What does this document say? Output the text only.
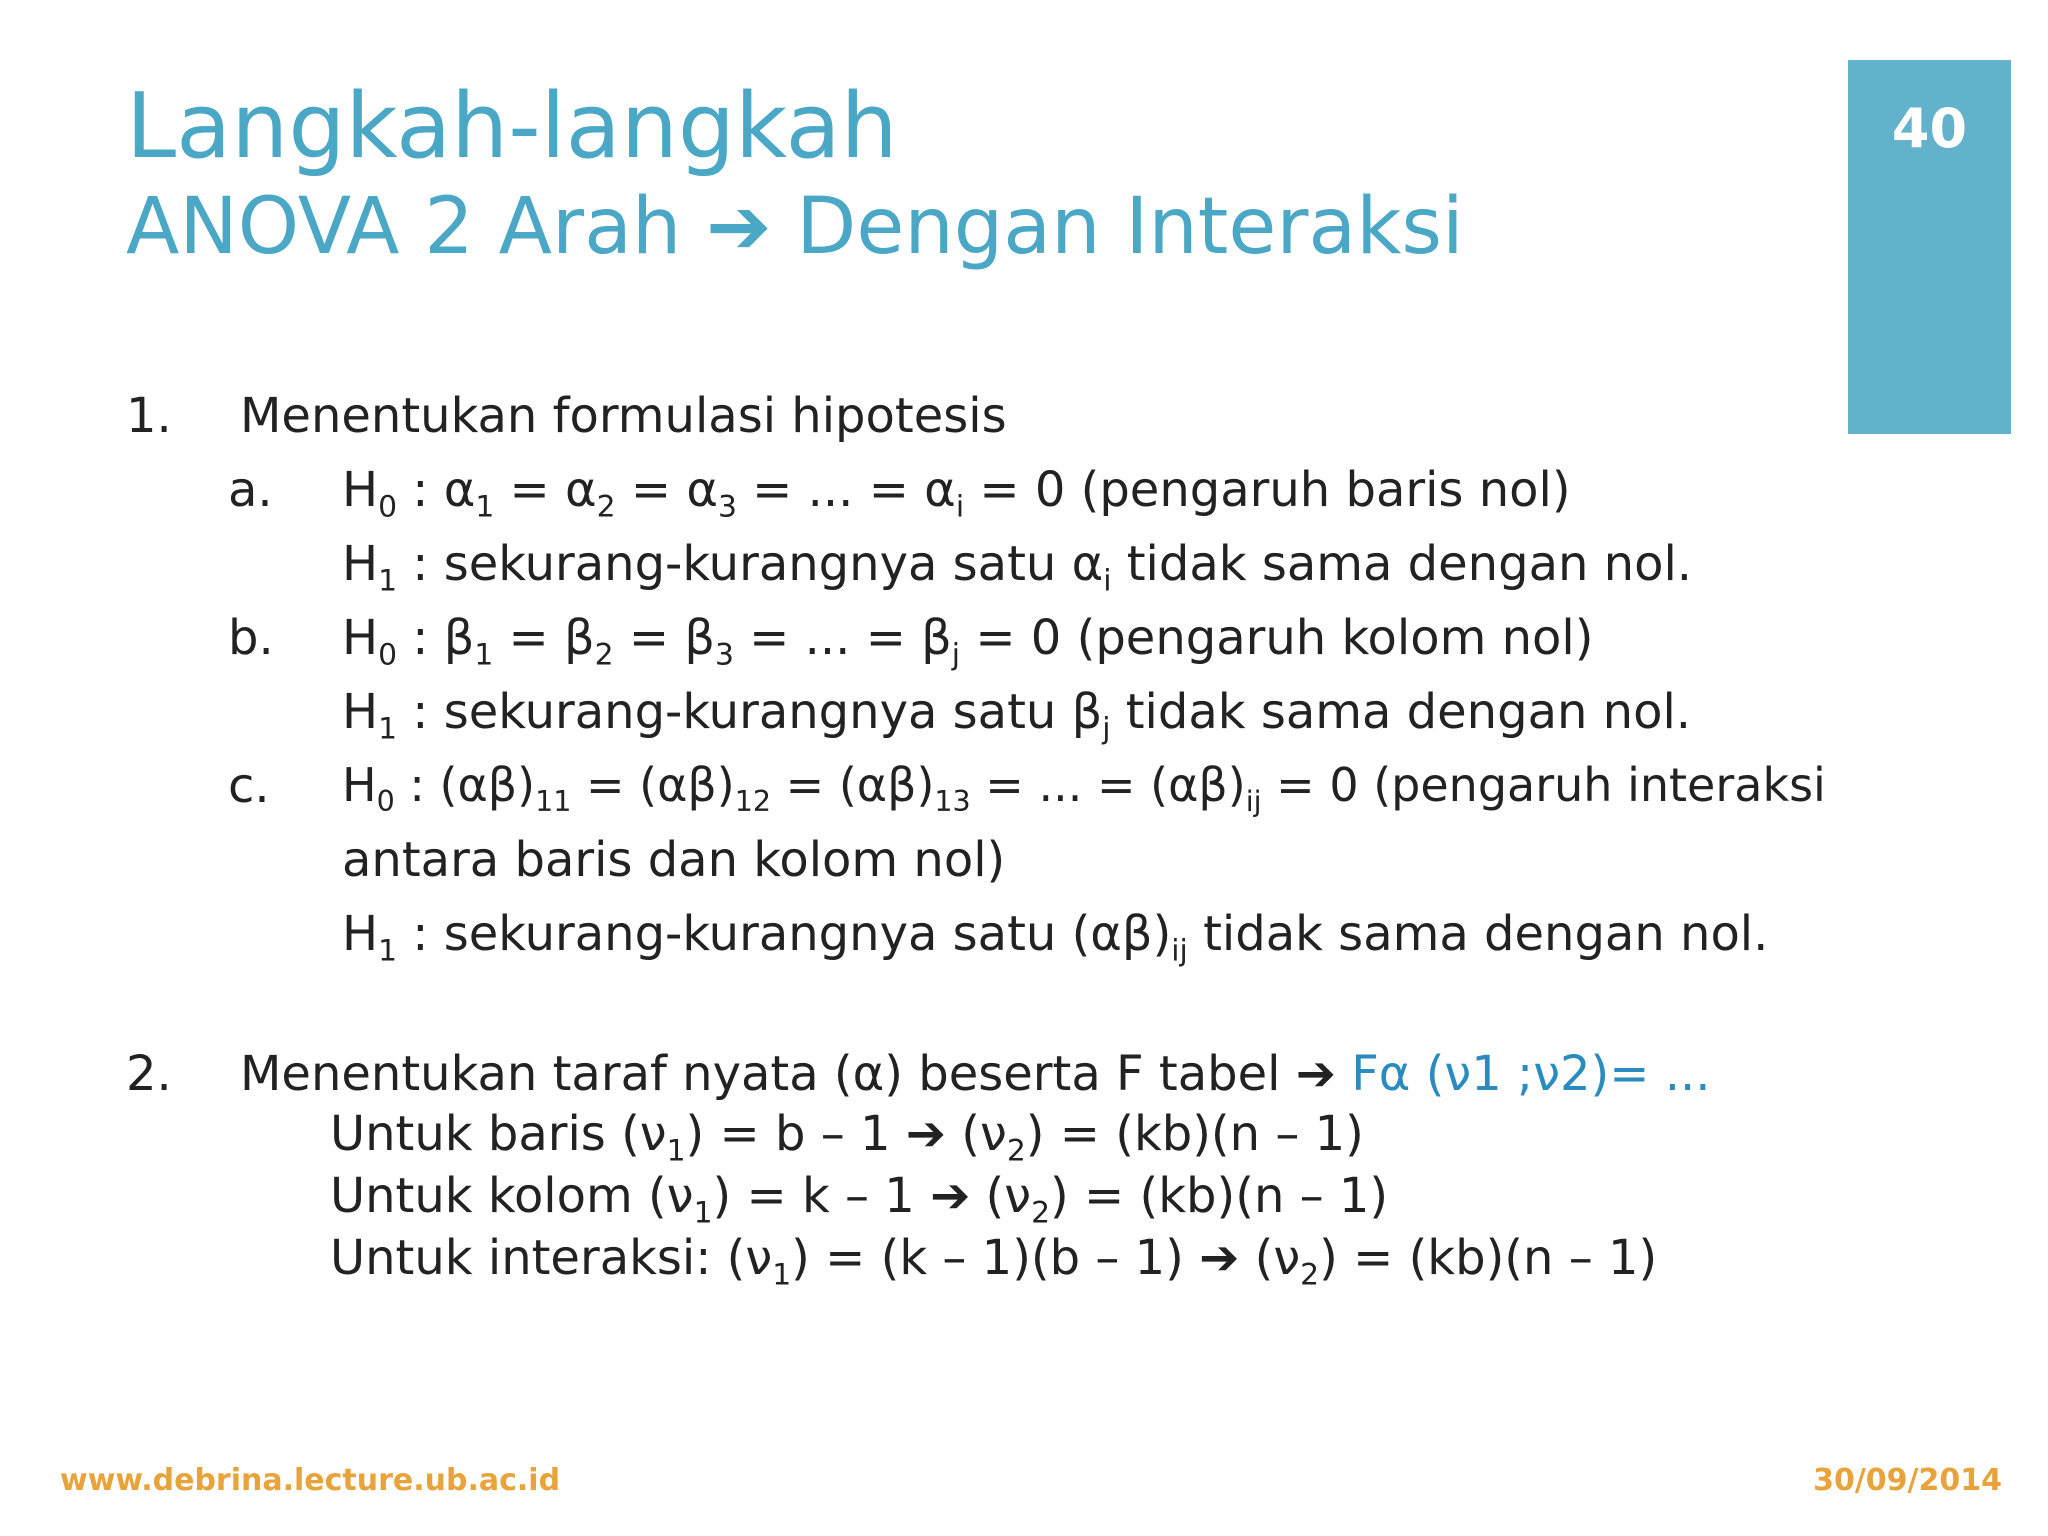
Langkah-langkah
ANOVA 2 Arah ➔ Dengan Interaksi
40
1. Menentukan formulasi hipotesis
a. $H_0$ : $\alpha_1 = \alpha_2 = \alpha_3$ = ... = $\alpha_i = 0$ (pengaruh baris nol)
$H_1$ : sekurang-kurangnya satu $\alpha_i$ tidak sama dengan nol.
b. $H_0$ : $\beta_1 = \beta_2 = \beta_3$ = ... = $\beta_j = 0$ (pengaruh kolom nol)
$H_1$ : sekurang-kurangnya satu $\beta_j$ tidak sama dengan nol.
c. $H_0$ : $(\alpha\beta)_{11} = (\alpha\beta)_{12} = (\alpha\beta)_{13}$ = ... = $(\alpha\beta)_{ij} = 0$ (pengaruh interaksi
antara baris dan kolom nol)
$H_1$ : sekurang-kurangnya satu $(\alpha\beta)_{ij}$ tidak sama dengan nol.
2. Menentukan taraf nyata (α) beserta F tabel ➔ Fα (ν1 ;ν2)= ...
Untuk baris $(\nu_1) = b - 1$ ➔ $(\nu_2) = (kb)(n - 1)$
Untuk kolom $(\nu_1) = k - 1$ ➔ $(\nu_2) = (kb)(n - 1)$
Untuk interaksi: $(\nu_1) = (k - 1)(b - 1)$ ➔ $(\nu_2) = (kb)(n - 1)$
www.debrina.lecture.ub.ac.id	30/09/2014
